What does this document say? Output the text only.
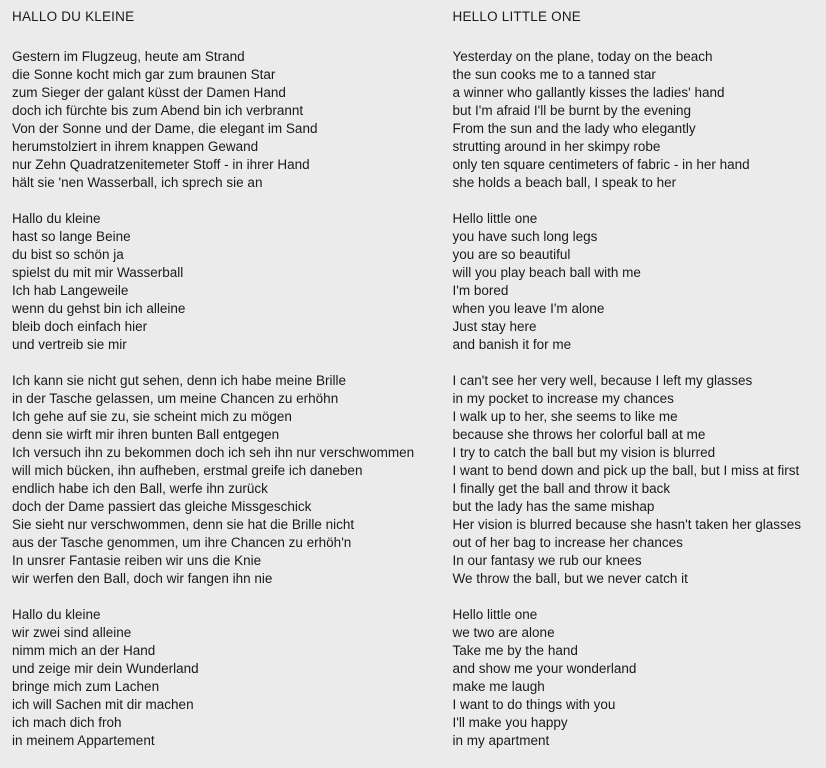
HALLO DU KLEINE
Gestern im Flugzeug, heute am Strand
die Sonne kocht mich gar zum braunen Star
zum Sieger der galant küsst der Damen Hand
doch ich fürchte bis zum Abend bin ich verbrannt
Von der Sonne und der Dame, die elegant im Sand
herumstolziert in ihrem knappen Gewand
nur Zehn Quadratzenitemeter Stoff - in ihrer Hand
hält sie 'nen Wasserball, ich sprech sie an
Hallo du kleine
hast so lange Beine
du bist so schön ja
spielst du mit mir Wasserball
Ich hab Langeweile
wenn du gehst bin ich alleine
bleib doch einfach hier
und vertreib sie mir
Ich kann sie nicht gut sehen, denn ich habe meine Brille
in der Tasche gelassen, um meine Chancen zu erhöhn
Ich gehe auf sie zu, sie scheint mich zu mögen
denn sie wirft mir ihren bunten Ball entgegen
Ich versuch ihn zu bekommen doch ich seh ihn nur verschwommen
will mich bücken, ihn aufheben, erstmal greife ich daneben
endlich habe ich den Ball, werfe ihn zurück
doch der Dame passiert das gleiche Missgeschick
Sie sieht nur verschwommen, denn sie hat die Brille nicht
aus der Tasche genommen, um ihre Chancen zu erhöh'n
In unsrer Fantasie reiben wir uns die Knie
wir werfen den Ball, doch wir fangen ihn nie
Hallo du kleine
wir zwei sind alleine
nimm mich an der Hand
und zeige mir dein Wunderland
bringe mich zum Lachen
ich will Sachen mit dir machen
ich mach dich froh
in meinem Appartement
HELLO LITTLE ONE
Yesterday on the plane, today on the beach
the sun cooks me to a tanned star
a winner who gallantly kisses the ladies' hand
but I'm afraid I'll be burnt by the evening
From the sun and the lady who elegantly
strutting around in her skimpy robe
only ten square centimeters of fabric - in her hand
she holds a beach ball, I speak to her
Hello little one
you have such long legs
you are so beautiful
will you play beach ball with me
I'm bored
when you leave I'm alone
Just stay here
and banish it for me
I can't see her very well, because I left my glasses
in my pocket to increase my chances
I walk up to her, she seems to like me
because she throws her colorful ball at me
I try to catch the ball but my vision is blurred
I want to bend down and pick up the ball, but I miss at first
I finally get the ball and throw it back
but the lady has the same mishap
Her vision is blurred because she hasn't taken her glasses
out of her bag to increase her chances
In our fantasy we rub our knees
We throw the ball, but we never catch it
Hello little one
we two are alone
Take me by the hand
and show me your wonderland
make me laugh
I want to do things with you
I'll make you happy
in my apartment
